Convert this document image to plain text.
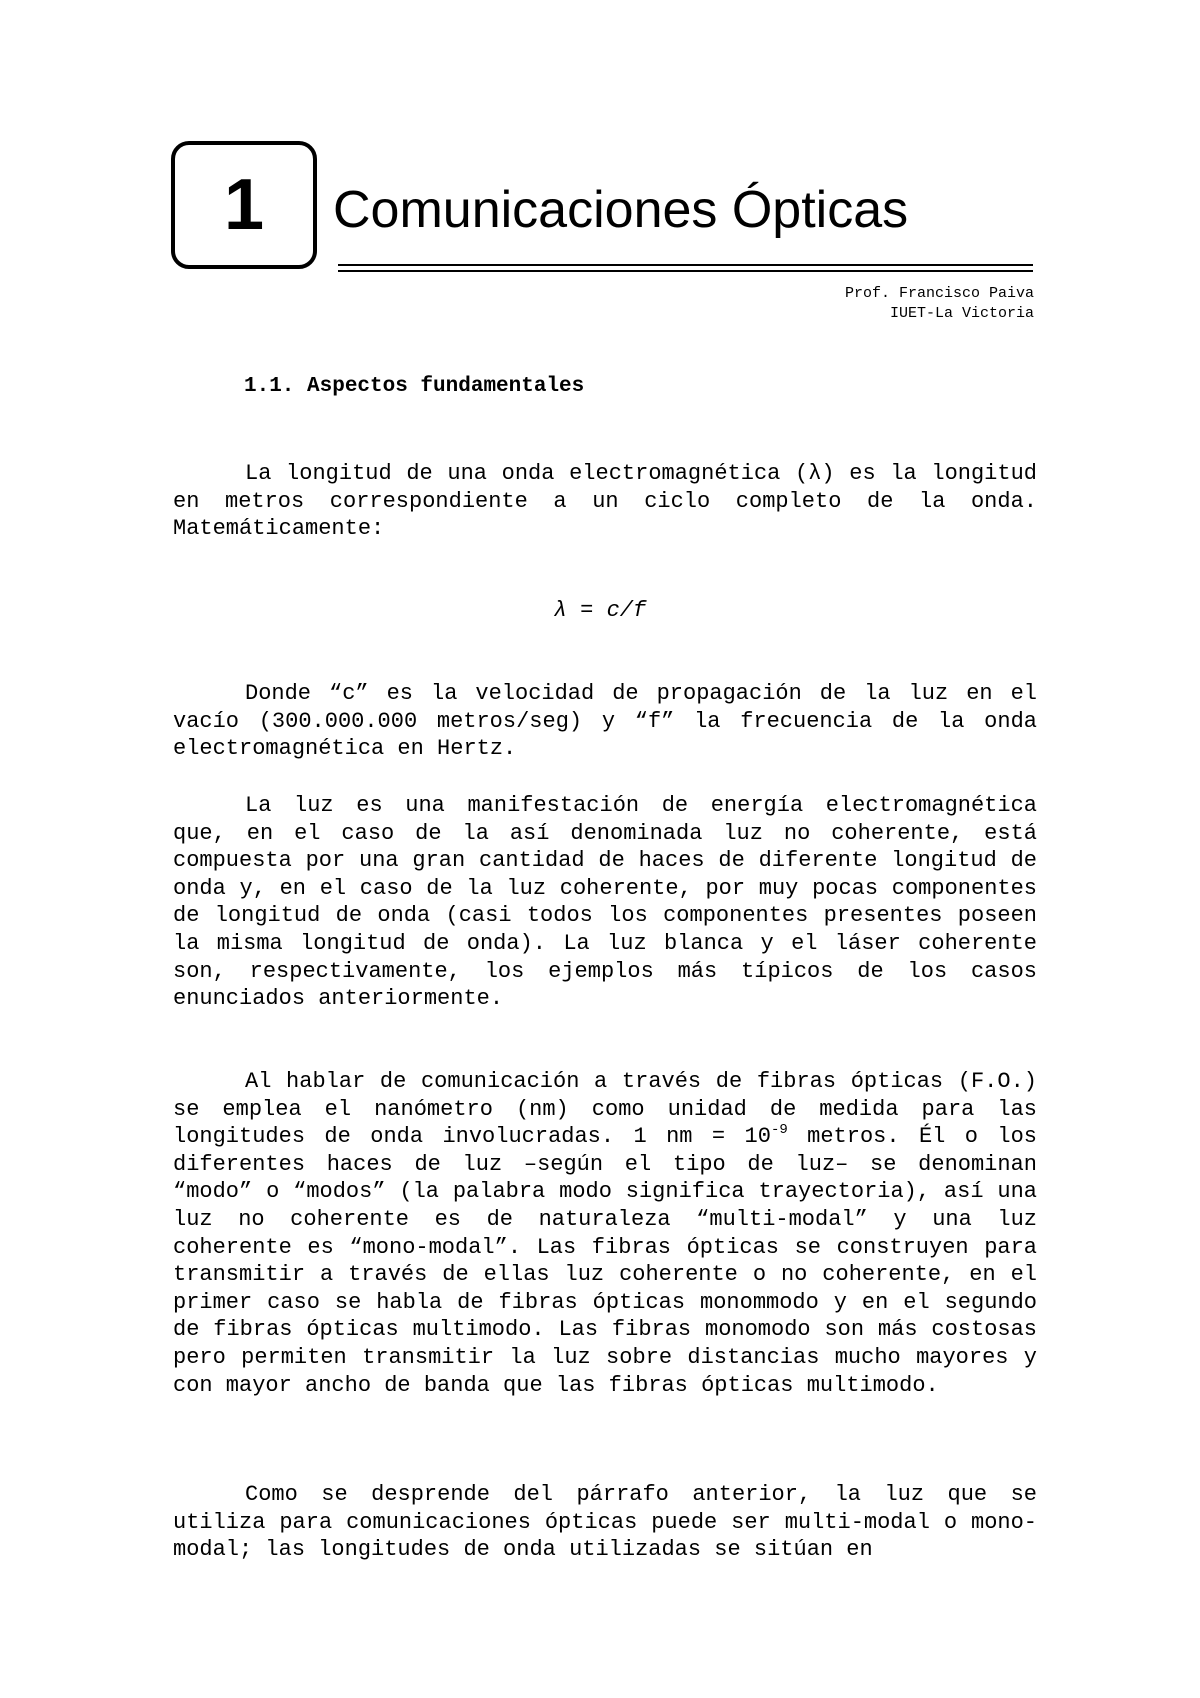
1 Comunicaciones Ópticas
Prof. Francisco Paiva
IUET-La Victoria
1.1. Aspectos fundamentales

La longitud de una onda electromagnética (λ) es la longitud en metros correspondiente a un ciclo completo de la onda. Matemáticamente:

λ = c/f

Donde “c” es la velocidad de propagación de la luz en el vacío (300.000.000 metros/seg) y “f” la frecuencia de la onda electromagnética en Hertz.

La luz es una manifestación de energía electromagnética que, en el caso de la así denominada luz no coherente, está compuesta por una gran cantidad de haces de diferente longitud de onda y, en el caso de la luz coherente, por muy pocas componentes de longitud de onda (casi todos los componentes presentes poseen la misma longitud de onda). La luz blanca y el láser coherente son, respectivamente, los ejemplos más típicos de los casos enunciados anteriormente.

Al hablar de comunicación a través de fibras ópticas (F.O.) se emplea el nanómetro (nm) como unidad de medida para las longitudes de onda involucradas. 1 nm = $10^{-9}$ metros. Él o los diferentes haces de luz –según el tipo de luz– se denominan “modo” o “modos” (la palabra modo significa trayectoria), así una luz no coherente es de naturaleza “multi-modal” y una luz coherente es “mono-modal”. Las fibras ópticas se construyen para transmitir a través de ellas luz coherente o no coherente, en el primer caso se habla de fibras ópticas monommodo y en el segundo de fibras ópticas multimodo. Las fibras monomodo son más costosas pero permiten transmitir la luz sobre distancias mucho mayores y con mayor ancho de banda que las fibras ópticas multimodo.

Como se desprende del párrafo anterior, la luz que se utiliza para comunicaciones ópticas puede ser multi-modal o mono-modal; las longitudes de onda utilizadas se sitúan en
